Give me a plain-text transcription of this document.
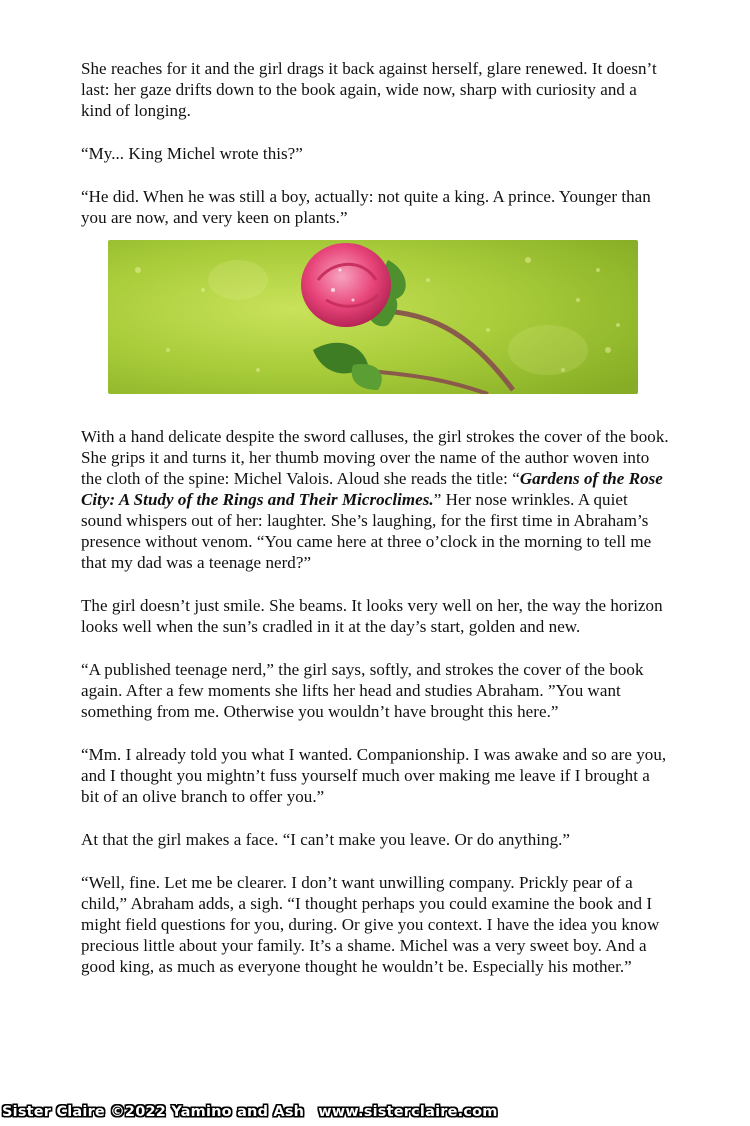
She reaches for it and the girl drags it back against herself, glare renewed. It doesn’t last: her gaze drifts down to the book again, wide now, sharp with curiosity and a kind of longing.

“My... King Michel wrote this?”

“He did. When he was still a boy, actually: not quite a king. A prince. Younger than you are now, and very keen on plants.”

With a hand delicate despite the sword calluses, the girl strokes the cover of the book. She grips it and turns it, her thumb moving over the name of the author woven into the cloth of the spine: Michel Valois. Aloud she reads the title: “Gardens of the Rose City: A Study of the Rings and Their Microclimes.” Her nose wrinkles. A quiet sound whispers out of her: laughter. She’s laughing, for the first time in Abraham’s presence without venom. “You came here at three o’clock in the morning to tell me that my dad was a teenage nerd?”

The girl doesn’t just smile. She beams. It looks very well on her, the way the horizon looks well when the sun’s cradled in it at the day’s start, golden and new.

“A published teenage nerd,” the girl says, softly, and strokes the cover of the book again. After a few moments she lifts her head and studies Abraham. ”You want something from me. Otherwise you wouldn’t have brought this here.”

“Mm. I already told you what I wanted. Companionship. I was awake and so are you, and I thought you mightn’t fuss yourself much over making me leave if I brought a bit of an olive branch to offer you.”

At that the girl makes a face. “I can’t make you leave. Or do anything.”

“Well, fine. Let me be clearer. I don’t want unwilling company. Prickly pear of a child,” Abraham adds, a sigh. “I thought perhaps you could examine the book and I might field questions for you, during. Or give you context. I have the idea you know precious little about your family. It’s a shame. Michel was a very sweet boy. And a good king, as much as everyone thought he wouldn’t be. Especially his mother.”

Sister Claire ©2022 Yamino and Ash www.sisterclaire.com
